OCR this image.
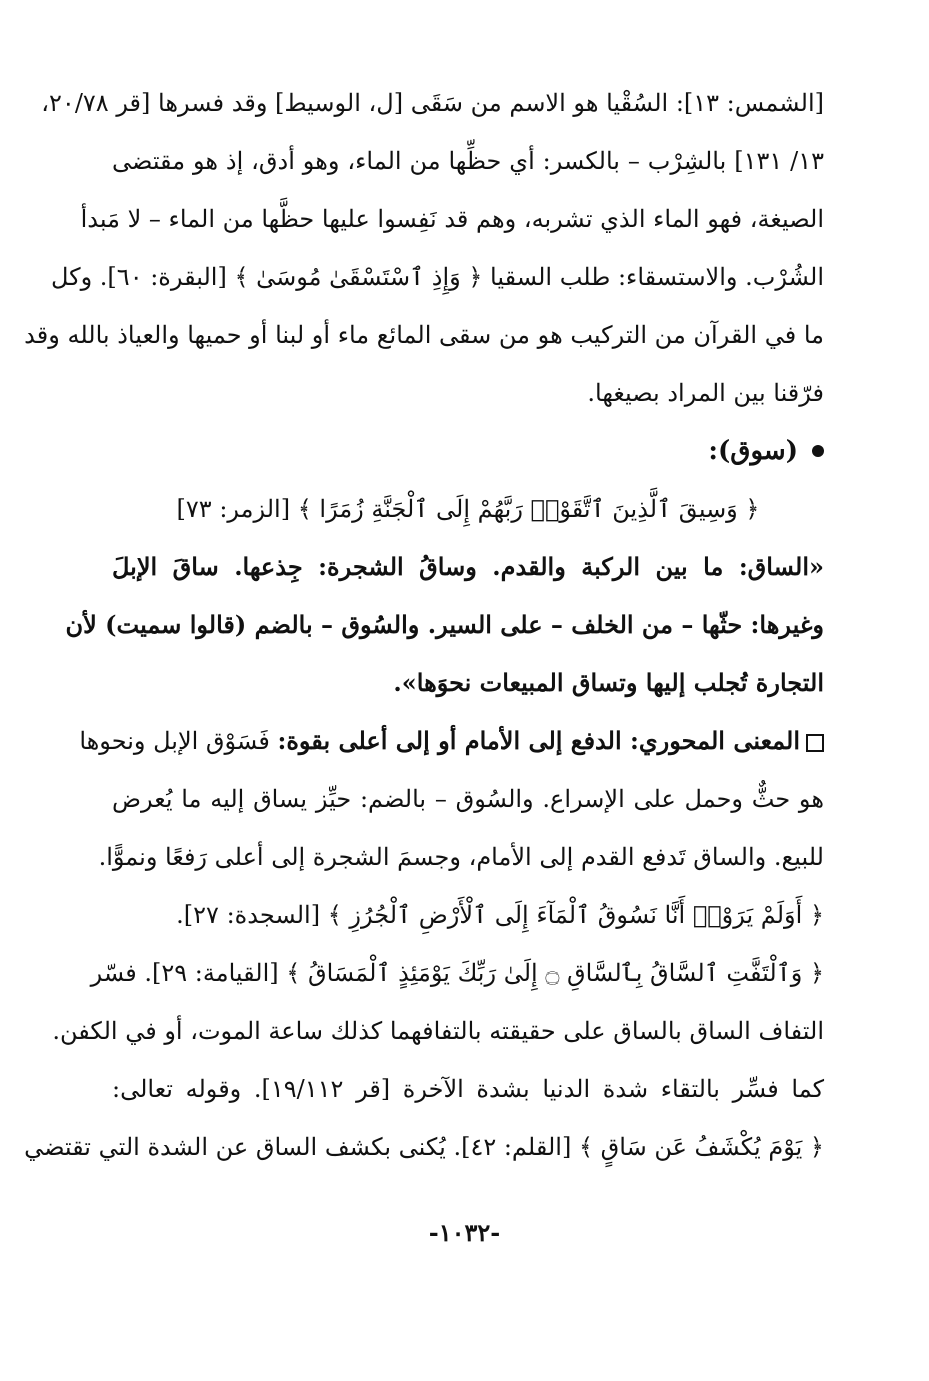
[الشمس: ١٣]: السُقْيا هو الاسم من سَقَى [ل، الوسيط] وقد فسرها [قر ٢٠/٧٨،
١٣/ ١٣١] بالشِرْب – بالكسر: أي حظِّها من الماء، وهو أدق، إذ هو مقتضى
الصيغة، فهو الماء الذي تشربه، وهم قد نَفِسوا عليها حظَّها من الماء – لا مَبدأ
الشُرْب. والاستسقاء: طلب السقيا ﴿ وَإِذِ ٱسْتَسْقَىٰ مُوسَىٰ ﴾ [البقرة: ٦٠]. وكل
ما في القرآن من التركيب هو من سقى المائع ماء أو لبنا أو حميها والعياذ بالله وقد
فرّقنا بين المراد بصيغها.
(سوق):
﴿ وَسِيقَ ٱلَّذِينَ ٱتَّقَوْا۟ رَبَّهُمْ إِلَى ٱلْجَنَّةِ زُمَرًا ﴾ [الزمر: ٧٣]
«الساق: ما بين الركبة والقدم. وساقُ الشجرة: جِذعها. ساقَ الإبلَ
وغيرها: حثّها – من الخلف – على السير. والسُوق – بالضم (قالوا سميت) لأن
التجارة تُجلب إليها وتساق المبيعات نحوَها».
المعنى المحوري: الدفع إلى الأمام أو إلى أعلى بقوة: فَسَوْق الإبل ونحوها
هو حثٌّ وحمل على الإسراع. والسُوق – بالضم: حيِّز يساق إليه ما يُعرض
للبيع. والساق تَدفع القدم إلى الأمام، وجسمَ الشجرة إلى أعلى رَفعًا ونموًّا.
﴿ أَوَلَمْ يَرَوْا۟ أَنَّا نَسُوقُ ٱلْمَآءَ إِلَى ٱلْأَرْضِ ٱلْجُرُزِ ﴾ [السجدة: ٢٧].
﴿ وَٱلْتَفَّتِ ٱلسَّاقُ بِٱلسَّاقِ ۝ إِلَىٰ رَبِّكَ يَوْمَئِذٍ ٱلْمَسَاقُ ﴾ [القيامة: ٢٩]. فسّر
التفاف الساق بالساق على حقيقته بالتفافهما كذلك ساعة الموت، أو في الكفن.
كما فسِّر بالتقاء شدة الدنيا بشدة الآخرة [قر ١٩/١١٢]. وقوله تعالى:
﴿ يَوْمَ يُكْشَفُ عَن سَاقٍ ﴾ [القلم: ٤٢]. يُكنى بكشف الساق عن الشدة التي تقتضي
-١٠٣٢-
